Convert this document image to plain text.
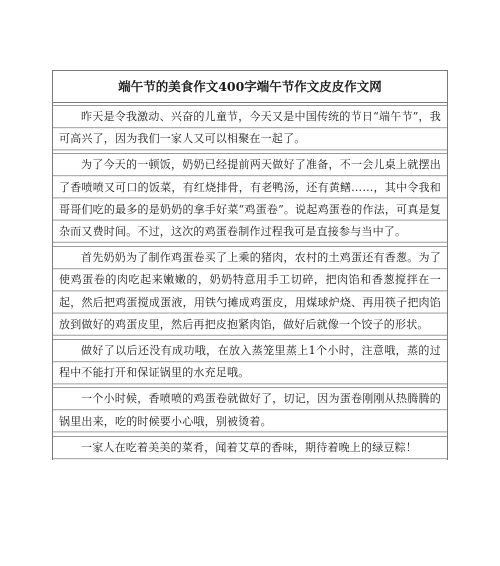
端午节的美食作文400字端午节作文皮皮作文网
昨天是令我激动、兴奋的儿童节，今天又是中国传统的节日“端午节”，我可高兴了，因为我们一家人又可以相聚在一起了。
为了今天的一顿饭，奶奶已经提前两天做好了准备，不一会儿桌上就摆出了香喷喷又可口的饭菜，有红烧排骨，有老鸭汤，还有黄鳝……，其中令我和哥哥们吃的最多的是奶奶的拿手好菜“鸡蛋卷”。说起鸡蛋卷的作法，可真是复杂而又费时间。不过，这次的鸡蛋卷制作过程我可是直接参与当中了。
首先奶奶为了制作鸡蛋卷买了上乘的猪肉，农村的土鸡蛋还有香葱。为了使鸡蛋卷的肉吃起来嫩嫩的，奶奶特意用手工切碎，把肉馅和香葱搅拌在一起，然后把鸡蛋搅成蛋液，用铁勺摊成鸡蛋皮，用煤球炉烧、再用筷子把肉馅放到做好的鸡蛋皮里，然后再把皮抱紧肉馅，做好后就像一个饺子的形状。
做好了以后还没有成功哦，在放入蒸笼里蒸上1个小时，注意哦，蒸的过程中不能打开和保证锅里的水充足哦。
一个小时候，香喷喷的鸡蛋卷就做好了，切记，因为蛋卷刚刚从热腾腾的锅里出来，吃的时候要小心哦，别被烫着。
一家人在吃着美美的菜肴，闻着艾草的香味，期待着晚上的绿豆粽！
